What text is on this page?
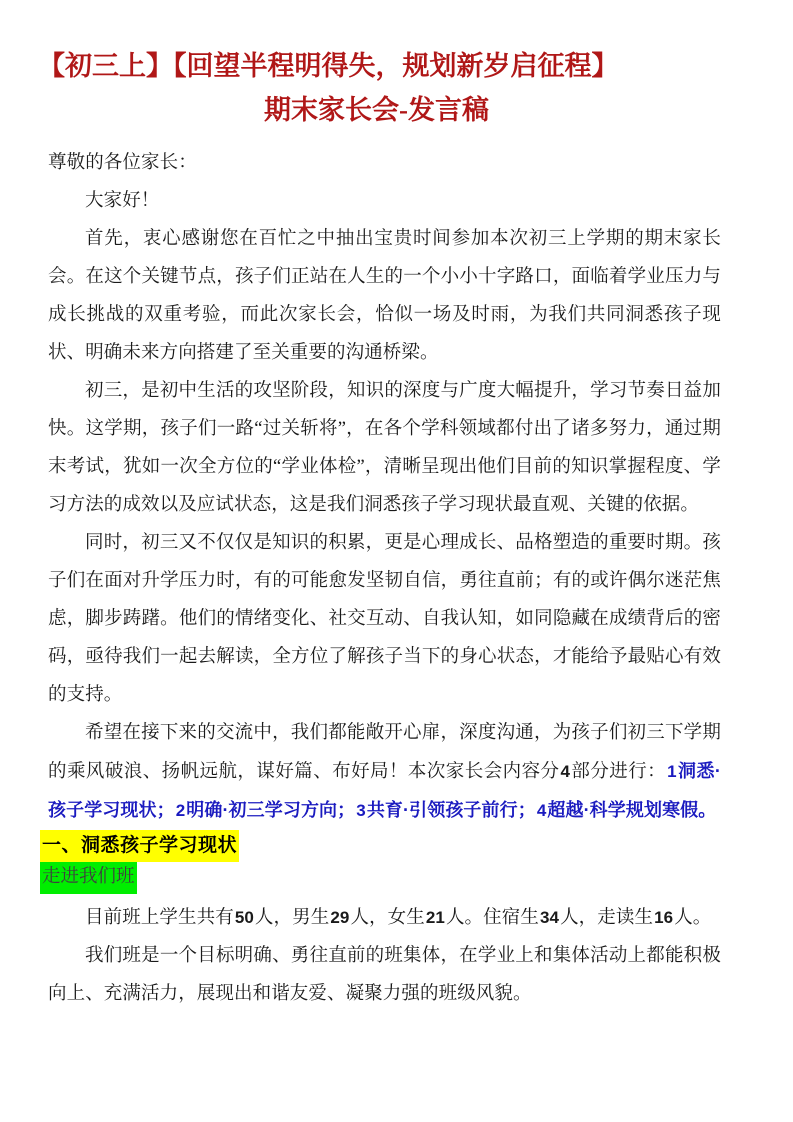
【初三上】【回望半程明得失，规划新岁启征程】
期末家长会-发言稿

尊敬的各位家长：

大家好！

首先，衷心感谢您在百忙之中抽出宝贵时间参加本次初三上学期的期末家长会。在这个关键节点，孩子们正站在人生的一个小小十字路口，面临着学业压力与成长挑战的双重考验，而此次家长会，恰似一场及时雨，为我们共同洞悉孩子现状、明确未来方向搭建了至关重要的沟通桥梁。

初三，是初中生活的攻坚阶段，知识的深度与广度大幅提升，学习节奏日益加快。这学期，孩子们一路“过关斩将”，在各个学科领域都付出了诸多努力，通过期末考试，犹如一次全方位的“学业体检”，清晰呈现出他们目前的知识掌握程度、学习方法的成效以及应试状态，这是我们洞悉孩子学习现状最直观、关键的依据。

同时，初三又不仅仅是知识的积累，更是心理成长、品格塑造的重要时期。孩子们在面对升学压力时，有的可能愈发坚韧自信，勇往直前；有的或许偶尔迷茫焦虑，脚步踌躇。他们的情绪变化、社交互动、自我认知，如同隐藏在成绩背后的密码，亟待我们一起去解读，全方位了解孩子当下的身心状态，才能给予最贴心有效的支持。

希望在接下来的交流中，我们都能敞开心扉，深度沟通，为孩子们初三下学期的乘风破浪、扬帆远航，谋好篇、布好局！本次家长会内容分4部分进行：1洞悉·孩子学习现状；2明确·初三学习方向；3共育·引领孩子前行；4超越·科学规划寒假。

一、洞悉孩子学习现状
走进我们班

目前班上学生共有50人，男生29人，女生21人。住宿生34人，走读生16人。

我们班是一个目标明确、勇往直前的班集体，在学业上和集体活动上都能积极向上、充满活力，展现出和谐友爱、凝聚力强的班级风貌。
